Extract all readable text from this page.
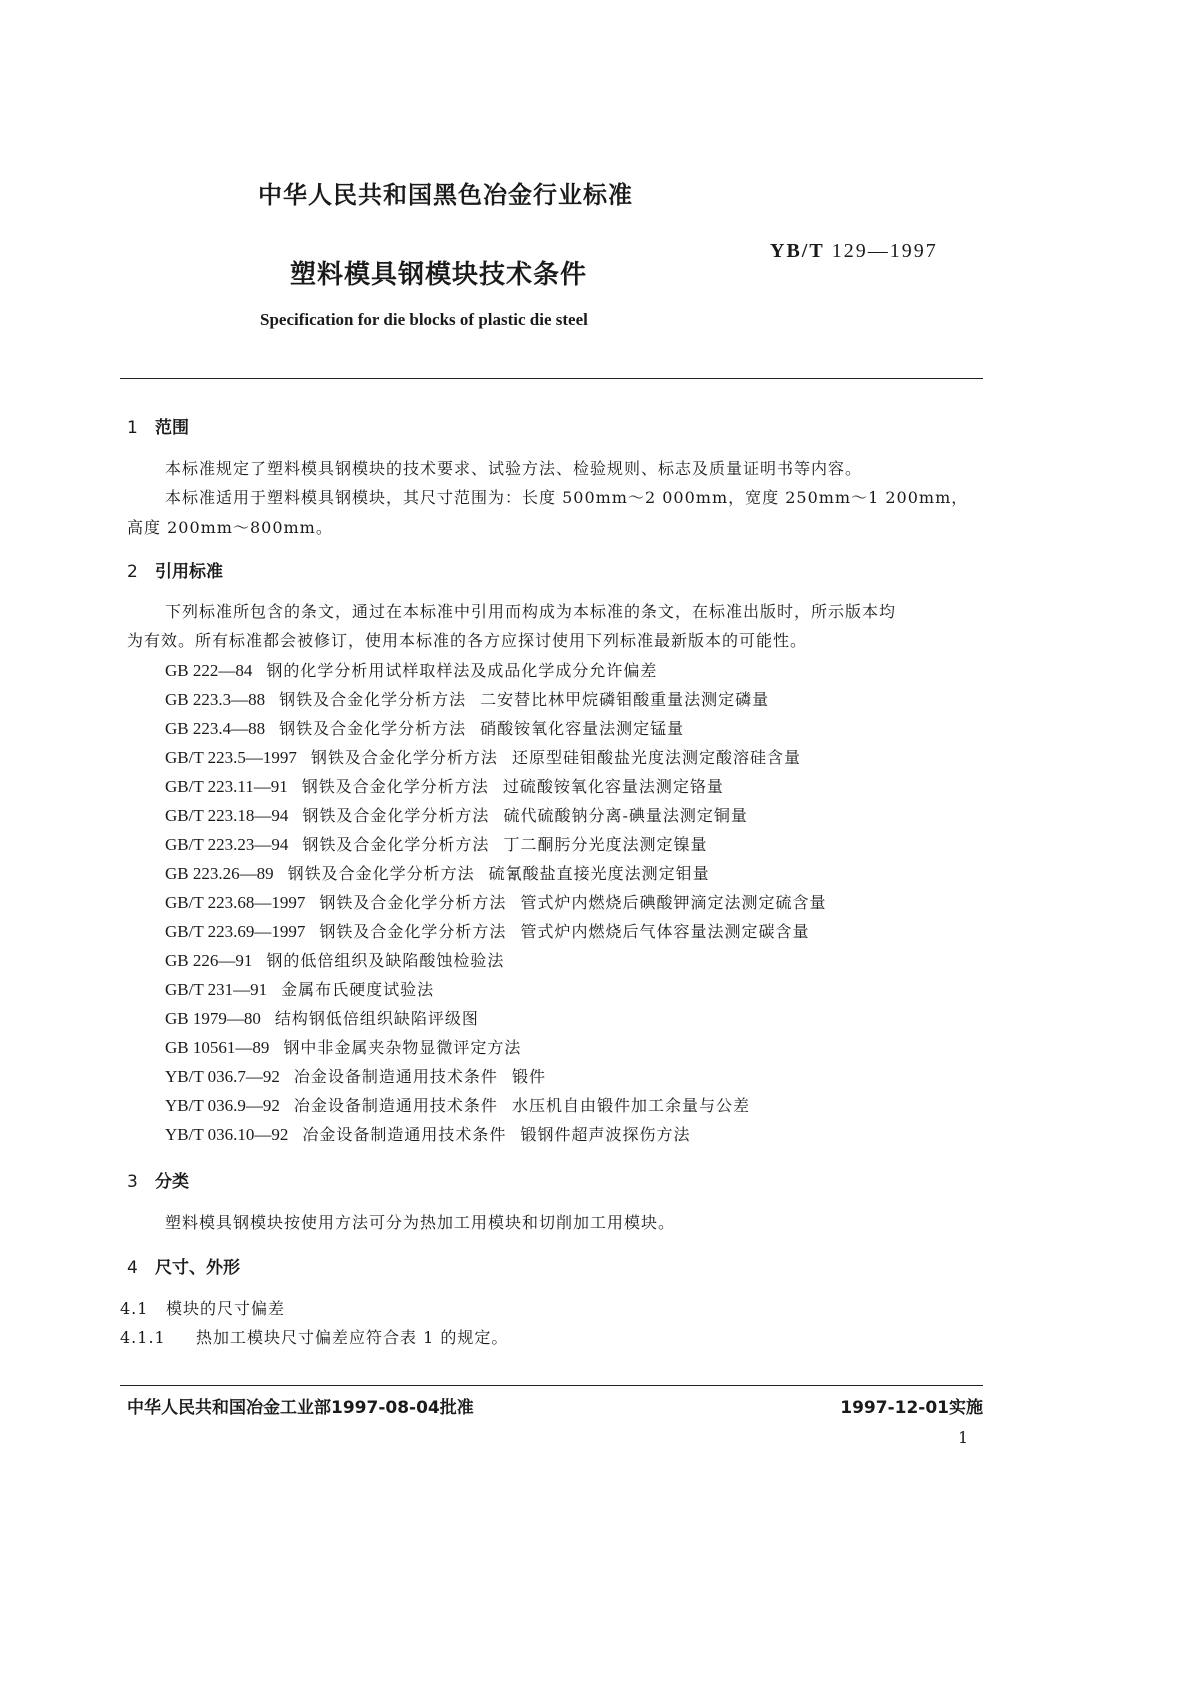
中华人民共和国黑色冶金行业标准
塑料模具钢模块技术条件
YB/T 129—1997
Specification for die blocks of plastic die steel
1 范围
本标准规定了塑料模具钢模块的技术要求、试验方法、检验规则、标志及质量证明书等内容。
本标准适用于塑料模具钢模块，其尺寸范围为：长度 500mm～2 000mm，宽度 250mm～1 200mm，
高度 200mm～800mm。
2 引用标准
下列标准所包含的条文，通过在本标准中引用而构成为本标准的条文，在标准出版时，所示版本均
为有效。所有标准都会被修订，使用本标准的各方应探讨使用下列标准最新版本的可能性。
GB 222—84 钢的化学分析用试样取样法及成品化学成分允许偏差
GB 223.3—88 钢铁及合金化学分析方法 二安替比林甲烷磷钼酸重量法测定磷量
GB 223.4—88 钢铁及合金化学分析方法 硝酸铵氧化容量法测定锰量
GB/T 223.5—1997 钢铁及合金化学分析方法 还原型硅钼酸盐光度法测定酸溶硅含量
GB/T 223.11—91 钢铁及合金化学分析方法 过硫酸铵氧化容量法测定铬量
GB/T 223.18—94 钢铁及合金化学分析方法 硫代硫酸钠分离-碘量法测定铜量
GB/T 223.23—94 钢铁及合金化学分析方法 丁二酮肟分光度法测定镍量
GB 223.26—89 钢铁及合金化学分析方法 硫氰酸盐直接光度法测定钼量
GB/T 223.68—1997 钢铁及合金化学分析方法 管式炉内燃烧后碘酸钾滴定法测定硫含量
GB/T 223.69—1997 钢铁及合金化学分析方法 管式炉内燃烧后气体容量法测定碳含量
GB 226—91 钢的低倍组织及缺陷酸蚀检验法
GB/T 231—91 金属布氏硬度试验法
GB 1979—80 结构钢低倍组织缺陷评级图
GB 10561—89 钢中非金属夹杂物显微评定方法
YB/T 036.7—92 冶金设备制造通用技术条件 锻件
YB/T 036.9—92 冶金设备制造通用技术条件 水压机自由锻件加工余量与公差
YB/T 036.10—92 冶金设备制造通用技术条件 锻钢件超声波探伤方法
3 分类
塑料模具钢模块按使用方法可分为热加工用模块和切削加工用模块。
4 尺寸、外形
4.1 模块的尺寸偏差
4.1.1 热加工模块尺寸偏差应符合表 1 的规定。
中华人民共和国冶金工业部1997-08-04批准	1997-12-01实施
1
